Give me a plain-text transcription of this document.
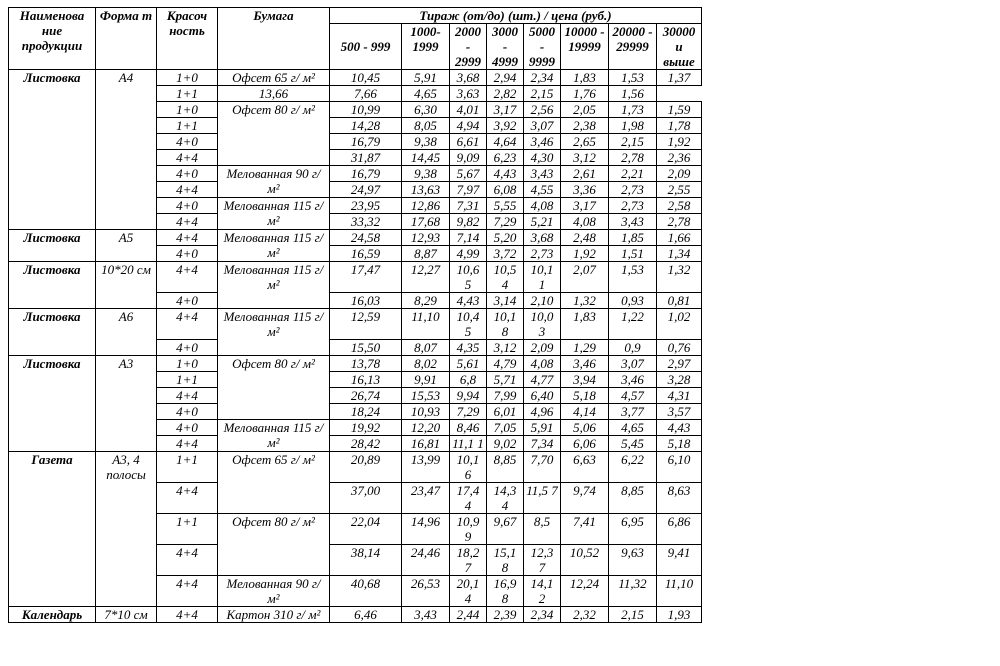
Наименова ние продукции	Форма т	Красоч ность	Бумага	Тираж (от/до) (шт.) / цена (руб.)							
				500 - 999	1000- 1999	2000 - 2999	3000 - 4999	5000 - 9999	10000 - 19999	20000 - 29999	30000 и выше
Листовка	А4	1+0	Офсет 65 г/ м²	10,45	5,91	3,68	2,94	2,34	1,83	1,53	1,37
		1+1	13,66	7,66	4,65	3,63	2,82	2,15	1,76	1,56	
		1+0	Офсет 80 г/ м²	10,99	6,30	4,01	3,17	2,56	2,05	1,73	1,59
		1+1		14,28	8,05	4,94	3,92	3,07	2,38	1,98	1,78
		4+0		16,79	9,38	6,61	4,64	3,46	2,65	2,15	1,92
		4+4		31,87	14,45	9,09	6,23	4,30	3,12	2,78	2,36
		4+0	Мелованная 90 г/ м²	16,79	9,38	5,67	4,43	3,43	2,61	2,21	2,09
		4+4		24,97	13,63	7,97	6,08	4,55	3,36	2,73	2,55
		4+0	Мелованная 115 г/ м²	23,95	12,86	7,31	5,55	4,08	3,17	2,73	2,58
		4+4		33,32	17,68	9,82	7,29	5,21	4,08	3,43	2,78
Листовка	А5	4+4	Мелованная 115 г/ м²	24,58	12,93	7,14	5,20	3,68	2,48	1,85	1,66
		4+0		16,59	8,87	4,99	3,72	2,73	1,92	1,51	1,34
Листовка	10*20 см	4+4	Мелованная 115 г/ м²	17,47	12,27	10,6 5	10,5 4	10,1 1	2,07	1,53	1,32
		4+0		16,03	8,29	4,43	3,14	2,10	1,32	0,93	0,81
Листовка	А6	4+4	Мелованная 115 г/ м²	12,59	11,10	10,4 5	10,1 8	10,0 3	1,83	1,22	1,02
		4+0		15,50	8,07	4,35	3,12	2,09	1,29	0,9	0,76
Листовка	А3	1+0	Офсет 80 г/ м²	13,78	8,02	5,61	4,79	4,08	3,46	3,07	2,97
		1+1		16,13	9,91	6,8	5,71	4,77	3,94	3,46	3,28
		4+4		26,74	15,53	9,94	7,99	6,40	5,18	4,57	4,31
		4+0		18,24	10,93	7,29	6,01	4,96	4,14	3,77	3,57
		4+0	Мелованная 115 г/ м²	19,92	12,20	8,46	7,05	5,91	5,06	4,65	4,43
		4+4		28,42	16,81	11,1 1	9,02	7,34	6,06	5,45	5,18
Газета	А3, 4 полосы	1+1	Офсет 65 г/ м²	20,89	13,99	10,1 6	8,85	7,70	6,63	6,22	6,10
		4+4		37,00	23,47	17,4 4	14,3 4	11,5 7	9,74	8,85	8,63
		1+1	Офсет 80 г/ м²	22,04	14,96	10,9 9	9,67	8,5	7,41	6,95	6,86
		4+4		38,14	24,46	18,2 7	15,1 8	12,3 7	10,52	9,63	9,41
		4+4	Мелованная 90 г/ м²	40,68	26,53	20,1 4	16,9 8	14,1 2	12,24	11,32	11,10
Календарь	7*10 см	4+4	Картон 310 г/ м²	6,46	3,43	2,44	2,39	2,34	2,32	2,15	1,93
